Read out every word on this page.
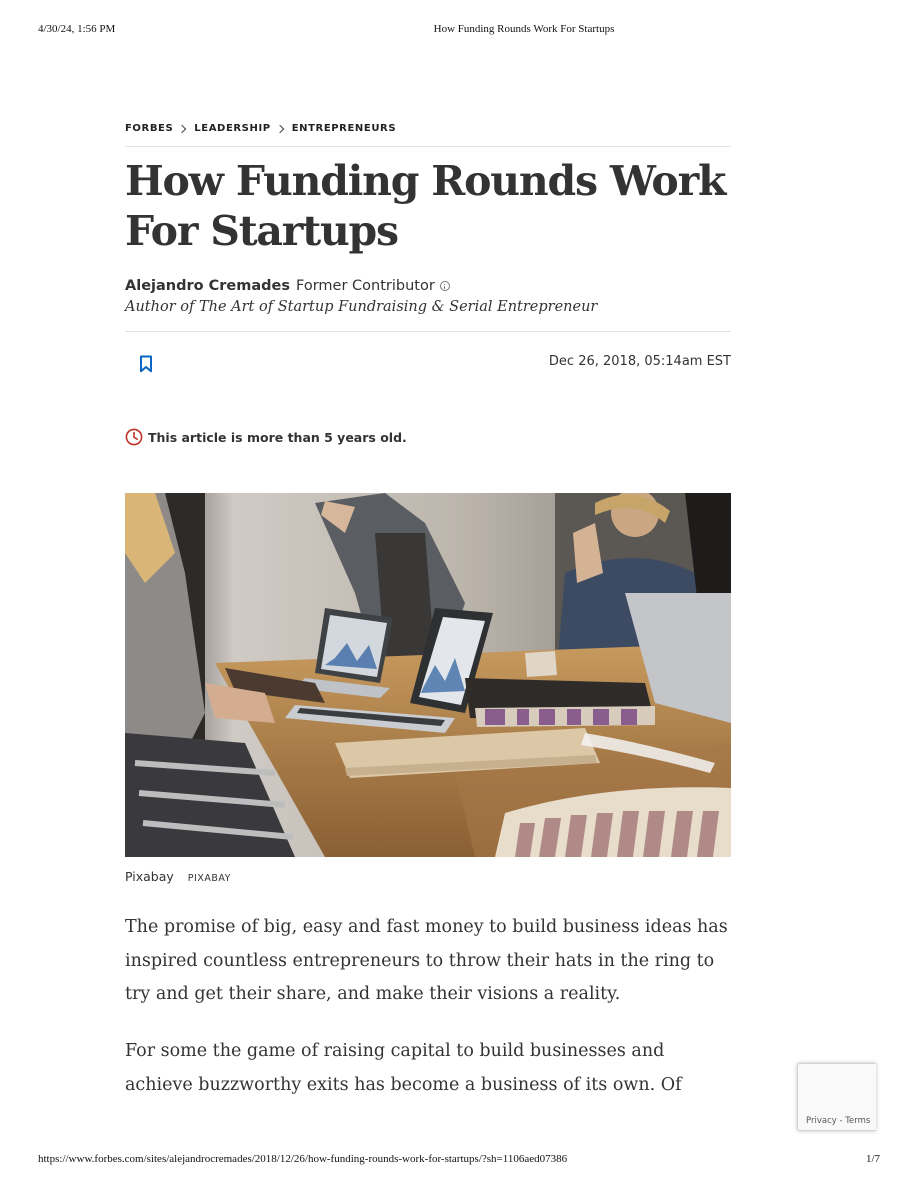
4/30/24, 1:56 PM	How Funding Rounds Work For Startups
FORBES LEADERSHIP ENTREPRENEURS
How Funding Rounds Work For Startups
Alejandro Cremades Former Contributor
Author of The Art of Startup Fundraising & Serial Entrepreneur
Dec 26, 2018, 05:14am EST
This article is more than 5 years old.
Pixabay PIXABAY

The promise of big, easy and fast money to build business ideas has inspired countless entrepreneurs to throw their hats in the ring to try and get their share, and make their visions a reality.

For some the game of raising capital to build businesses and achieve buzzworthy exits has become a business of its own. Of

Privacy - Terms
https://www.forbes.com/sites/alejandrocremades/2018/12/26/how-funding-rounds-work-for-startups/?sh=1106aed07386	1/7
